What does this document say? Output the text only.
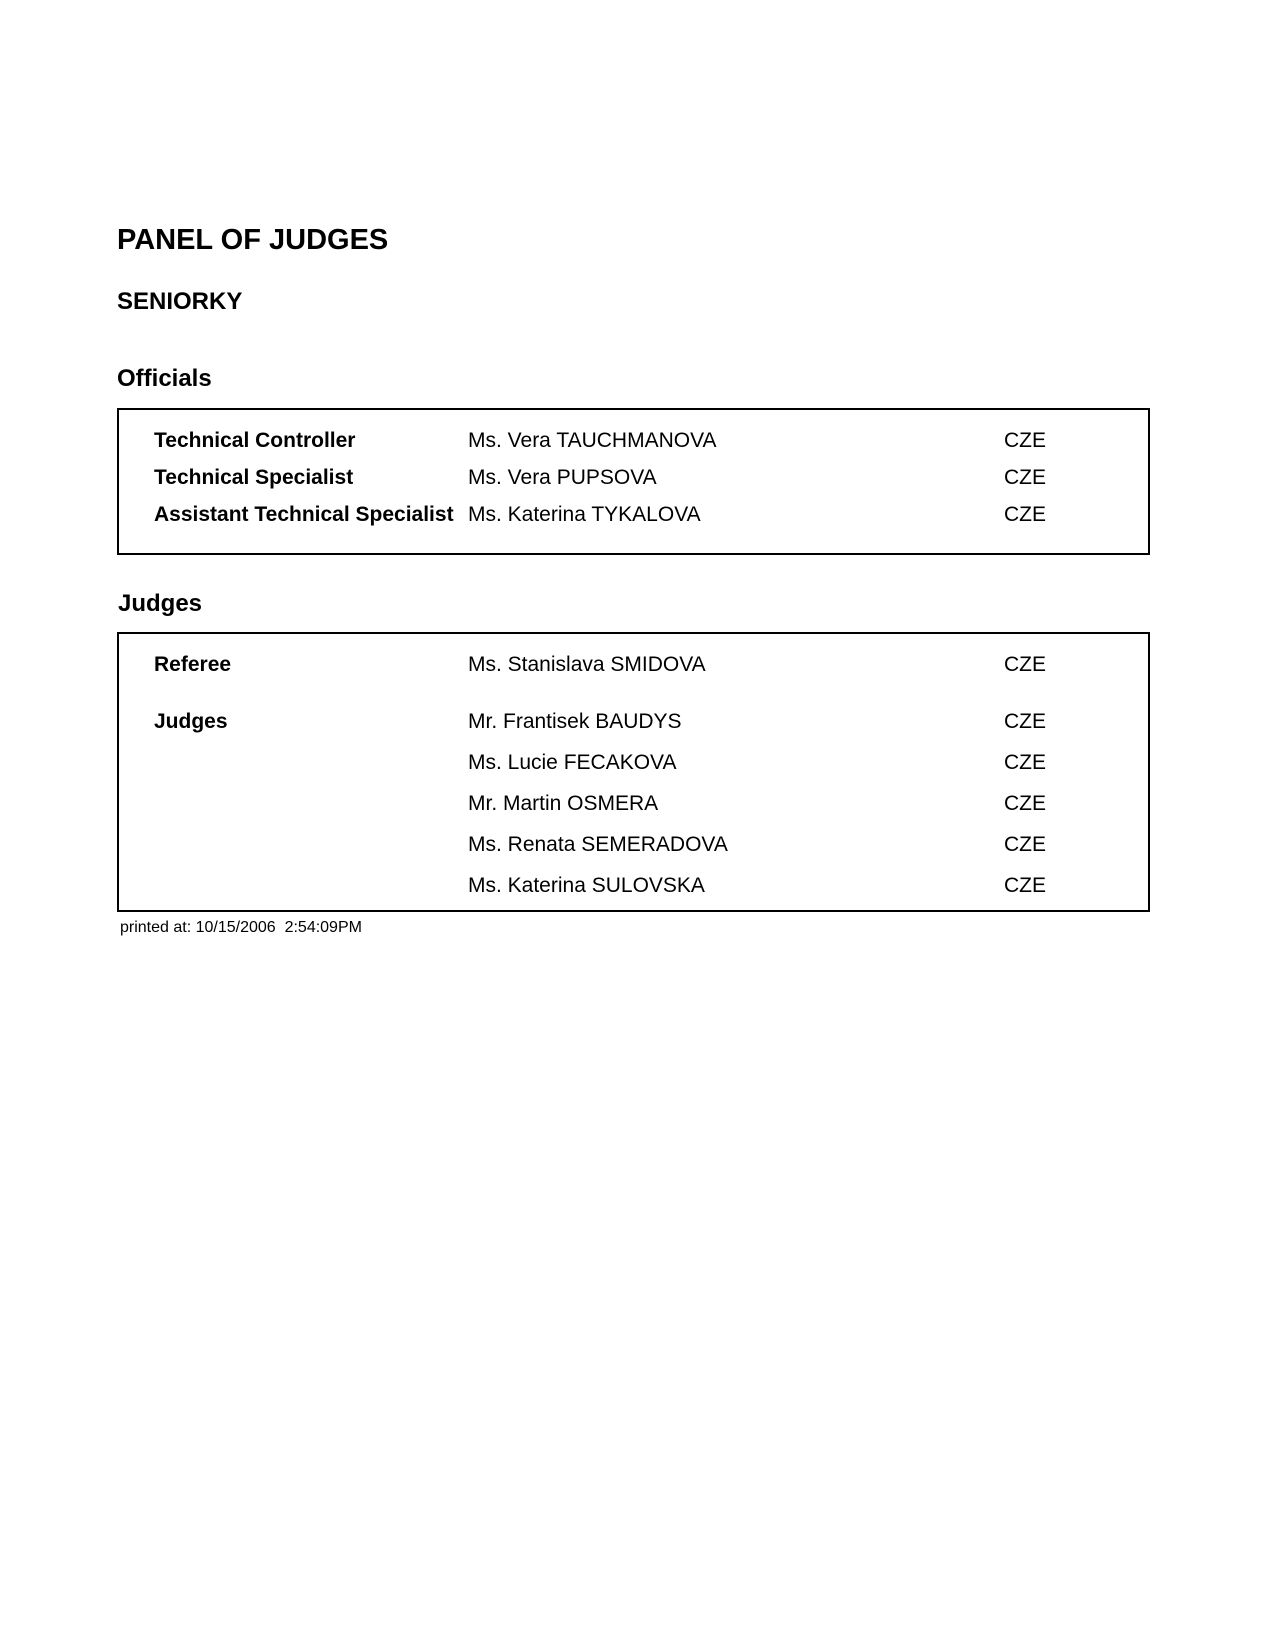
PANEL OF JUDGES
SENIORKY
Officials
Technical Controller	Ms. Vera TAUCHMANOVA	CZE
Technical Specialist	Ms. Vera PUPSOVA	CZE
Assistant Technical Specialist Ms. Katerina TYKALOVA	CZE
Judges
Referee	Ms. Stanislava SMIDOVA	CZE
Judges	Mr. Frantisek BAUDYS	CZE
Ms. Lucie FECAKOVA	CZE
Mr. Martin OSMERA	CZE
Ms. Renata SEMERADOVA	CZE
Ms. Katerina SULOVSKA	CZE
printed at: 10/15/2006  2:54:09PM
